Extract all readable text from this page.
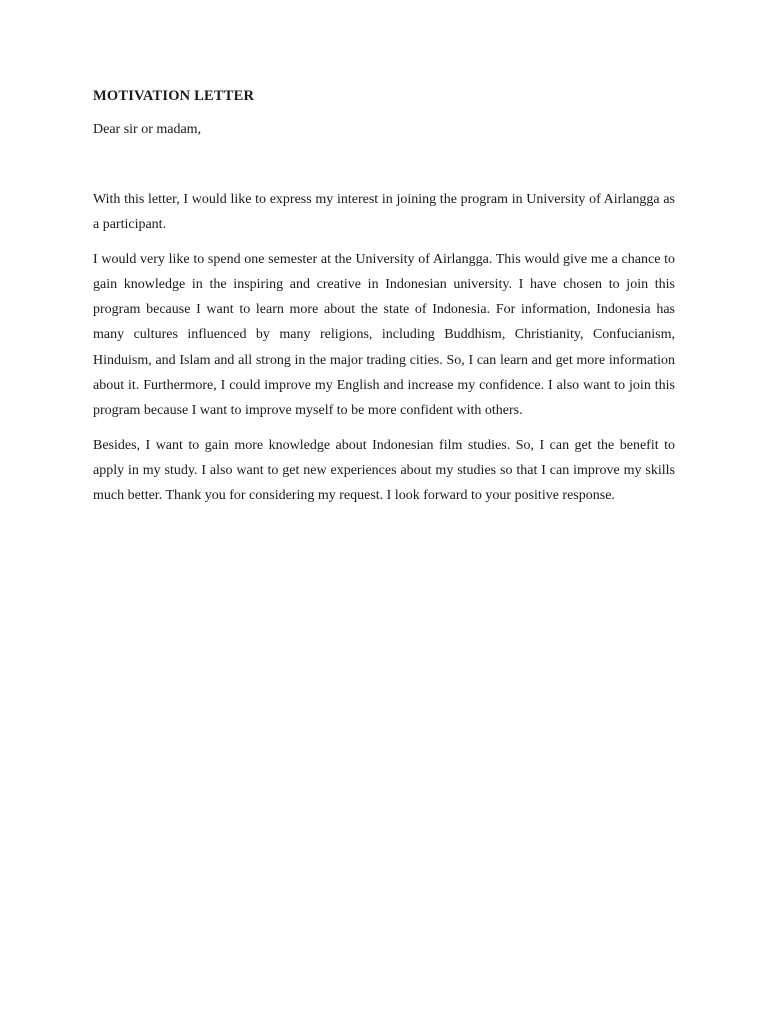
MOTIVATION LETTER

Dear sir or madam,

With this letter, I would like to express my interest in joining the program in University of Airlangga as a participant.

I would very like to spend one semester at the University of Airlangga. This would give me a chance to gain knowledge in the inspiring and creative in Indonesian university. I have chosen to join this program because I want to learn more about the state of Indonesia. For information, Indonesia has many cultures influenced by many religions, including Buddhism, Christianity, Confucianism, Hinduism, and Islam and all strong in the major trading cities. So, I can learn and get more information about it. Furthermore, I could improve my English and increase my confidence. I also want to join this program because I want to improve myself to be more confident with others.

Besides, I want to gain more knowledge about Indonesian film studies. So, I can get the benefit to apply in my study. I also want to get new experiences about my studies so that I can improve my skills much better. Thank you for considering my request. I look forward to your positive response.
